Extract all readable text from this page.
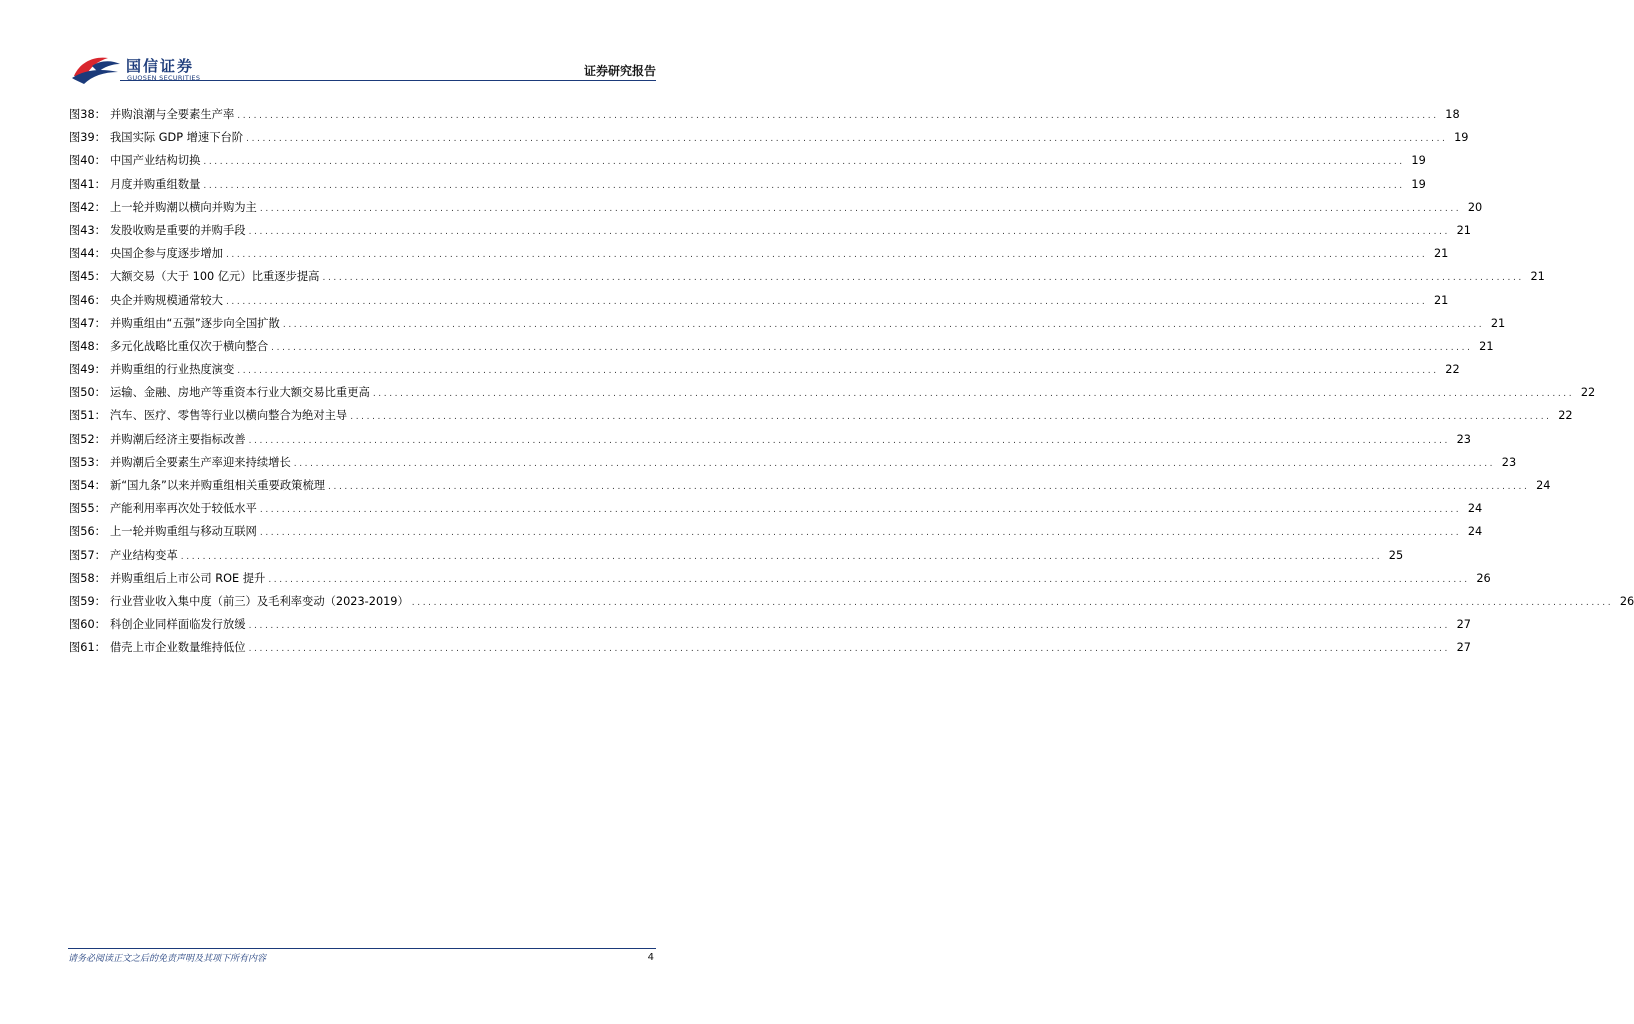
国信证券
GUOSEN SECURITIES	证券研究报告
图38： 并购浪潮与全要素生产率 ............................................................................................................................................................................................................................ 18
图39： 我国实际 GDP 增速下台阶 ............................................................................................................................................................................................................................ 19
图40： 中国产业结构切换 ............................................................................................................................................................................................................................ 19
图41： 月度并购重组数量 ............................................................................................................................................................................................................................ 19
图42： 上一轮并购潮以横向并购为主 ............................................................................................................................................................................................................................ 20
图43： 发股收购是重要的并购手段 ............................................................................................................................................................................................................................ 21
图44： 央国企参与度逐步增加 ............................................................................................................................................................................................................................ 21
图45： 大额交易（大于 100 亿元）比重逐步提高 ............................................................................................................................................................................................................................ 21
图46： 央企并购规模通常较大 ............................................................................................................................................................................................................................ 21
图47： 并购重组由“五强”逐步向全国扩散 ............................................................................................................................................................................................................................ 21
图48： 多元化战略比重仅次于横向整合 ............................................................................................................................................................................................................................ 21
图49： 并购重组的行业热度演变 ............................................................................................................................................................................................................................ 22
图50： 运输、金融、房地产等重资本行业大额交易比重更高 ............................................................................................................................................................................................................................ 22
图51： 汽车、医疗、零售等行业以横向整合为绝对主导 ............................................................................................................................................................................................................................ 22
图52： 并购潮后经济主要指标改善 ............................................................................................................................................................................................................................ 23
图53： 并购潮后全要素生产率迎来持续增长 ............................................................................................................................................................................................................................ 23
图54： 新“国九条”以来并购重组相关重要政策梳理 ............................................................................................................................................................................................................................ 24
图55： 产能利用率再次处于较低水平 ............................................................................................................................................................................................................................ 24
图56： 上一轮并购重组与移动互联网 ............................................................................................................................................................................................................................ 24
图57： 产业结构变革 ............................................................................................................................................................................................................................ 25
图58： 并购重组后上市公司 ROE 提升 ............................................................................................................................................................................................................................ 26
图59： 行业营业收入集中度（前三）及毛利率变动（2023-2019） ............................................................................................................................................................................................................................ 26
图60： 科创企业同样面临发行放缓 ............................................................................................................................................................................................................................ 27
图61： 借壳上市企业数量维持低位 ............................................................................................................................................................................................................................ 27
请务必阅读正文之后的免责声明及其项下所有内容	4
